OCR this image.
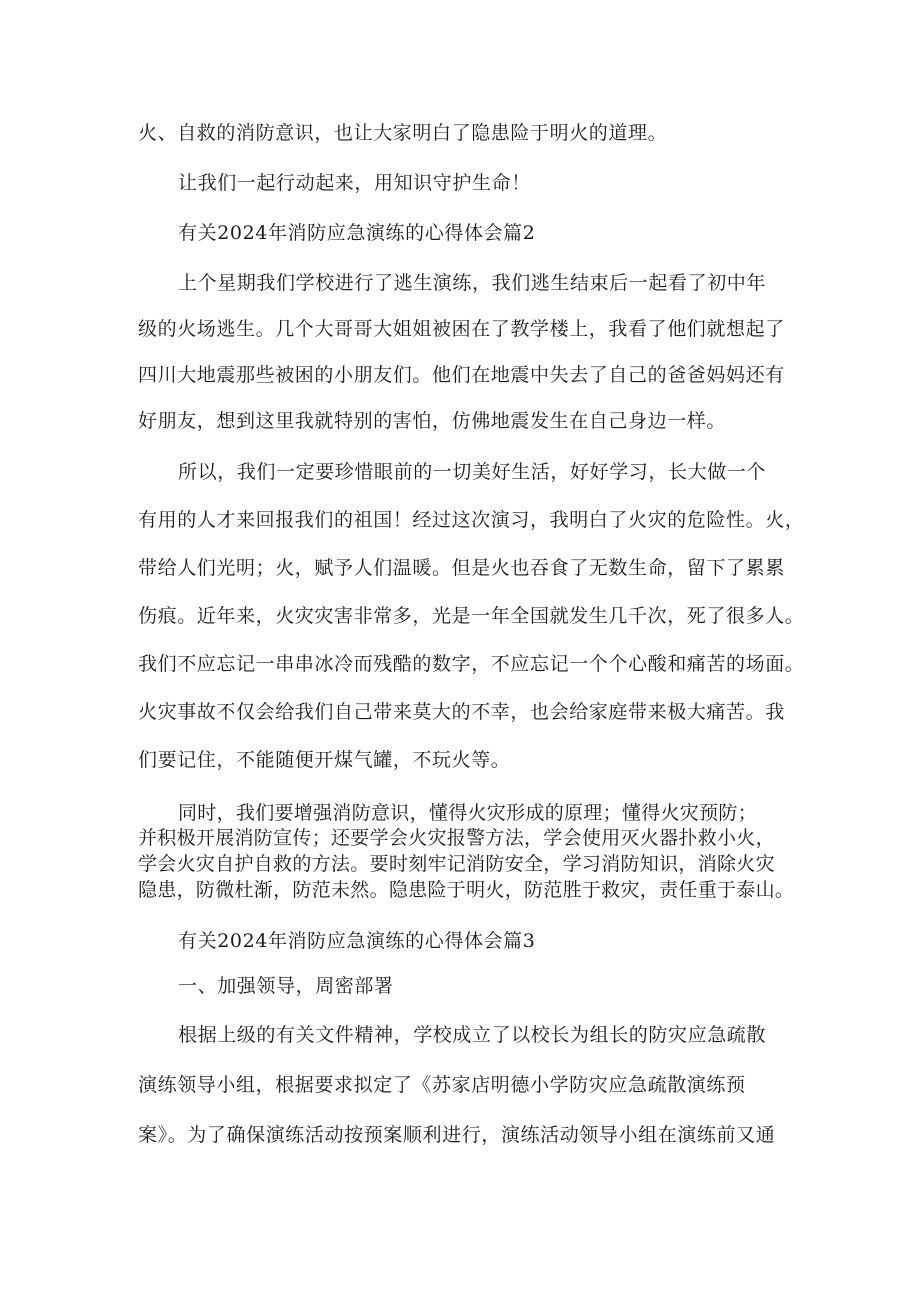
火、自救的消防意识，也让大家明白了隐患险于明火的道理。
让我们一起行动起来，用知识守护生命！
有关2024年消防应急演练的心得体会篇2
上个星期我们学校进行了逃生演练，我们逃生结束后一起看了初中年
级的火场逃生。几个大哥哥大姐姐被困在了教学楼上，我看了他们就想起了
四川大地震那些被困的小朋友们。他们在地震中失去了自己的爸爸妈妈还有
好朋友，想到这里我就特别的害怕，仿佛地震发生在自己身边一样。
所以，我们一定要珍惜眼前的一切美好生活，好好学习，长大做一个
有用的人才来回报我们的祖国！经过这次演习，我明白了火灾的危险性。火，
带给人们光明；火，赋予人们温暖。但是火也吞食了无数生命，留下了累累
伤痕。近年来，火灾灾害非常多，光是一年全国就发生几千次，死了很多人。
我们不应忘记一串串冰冷而残酷的数字，不应忘记一个个心酸和痛苦的场面。
火灾事故不仅会给我们自己带来莫大的不幸，也会给家庭带来极大痛苦。我
们要记住，不能随便开煤气罐，不玩火等。
同时，我们要增强消防意识，懂得火灾形成的原理；懂得火灾预防；
并积极开展消防宣传；还要学会火灾报警方法，学会使用灭火器扑救小火，
学会火灾自护自救的方法。要时刻牢记消防安全，学习消防知识，消除火灾
隐患，防微杜渐，防范未然。隐患险于明火，防范胜于救灾，责任重于泰山。
有关2024年消防应急演练的心得体会篇3
一、加强领导，周密部署
根据上级的有关文件精神，学校成立了以校长为组长的防灾应急疏散
演练领导小组，根据要求拟定了《苏家店明德小学防灾应急疏散演练预
案》。为了确保演练活动按预案顺利进行，演练活动领导小组在演练前又通
